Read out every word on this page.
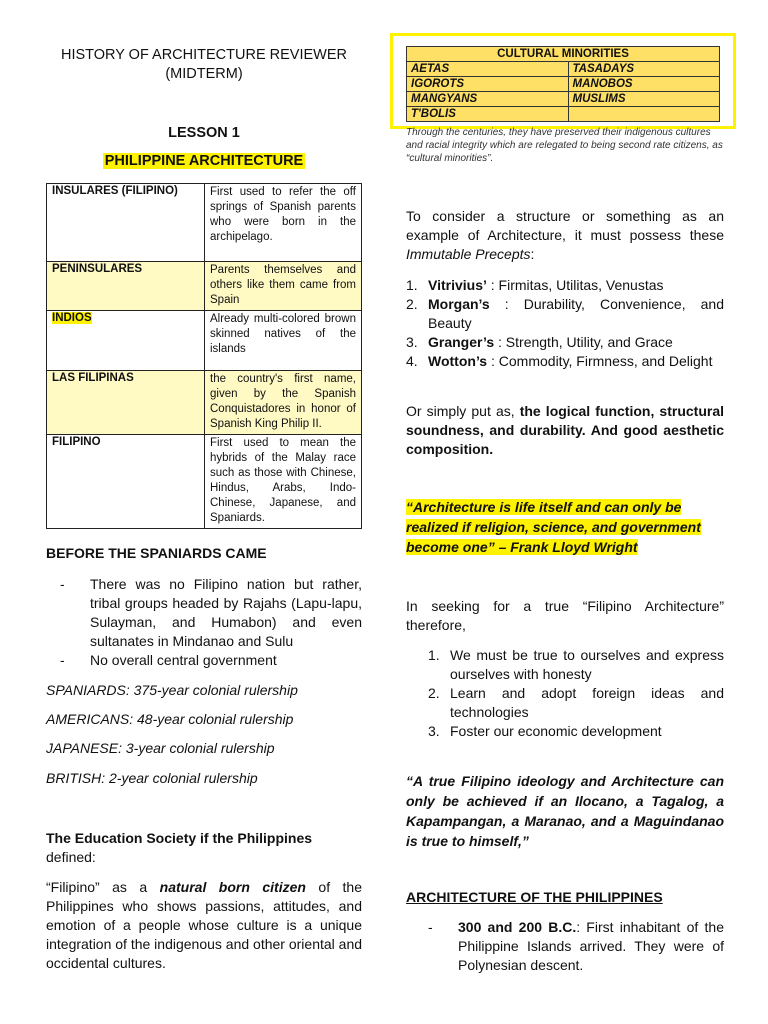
HISTORY OF ARCHITECTURE REVIEWER
(MIDTERM)
LESSON 1
PHILIPPINE ARCHITECTURE
INSULARES (FILIPINO)	First used to refer the off springs of Spanish parents who were born in the archipelago.
PENINSULARES	Parents themselves and others like them came from Spain
INDIOS	Already multi-colored brown skinned natives of the islands
LAS FILIPINAS	the country's first name, given by the Spanish Conquistadores in honor of Spanish King Philip II.
FILIPINO	First used to mean the hybrids of the Malay race such as those with Chinese, Hindus, Arabs, Indo-Chinese, Japanese, and Spaniards.
BEFORE THE SPANIARDS CAME
- There was no Filipino nation but rather, tribal groups headed by Rajahs (Lapu-lapu, Sulayman, and Humabon) and even sultanates in Mindanao and Sulu
- No overall central government
SPANIARDS: 375-year colonial rulership
AMERICANS: 48-year colonial rulership
JAPANESE: 3-year colonial rulership
BRITISH: 2-year colonial rulership
The Education Society if the Philippines
defined:
“Filipino” as a natural born citizen of the Philippines who shows passions, attitudes, and emotion of a people whose culture is a unique integration of the indigenous and other oriental and occidental cultures.
CULTURAL MINORITIES	
AETAS	TASADAYS
IGOROTS	MANOBOS
MANGYANS	MUSLIMS
T'BOLIS	
Through the centuries, they have preserved their indigenous cultures and racial integrity which are relegated to being second rate citizens, as “cultural minorities”.
To consider a structure or something as an example of Architecture, it must possess these Immutable Precepts:
1. Vitrivius’ : Firmitas, Utilitas, Venustas
2. Morgan’s : Durability, Convenience, and Beauty
3. Granger’s : Strength, Utility, and Grace
4. Wotton’s : Commodity, Firmness, and Delight
Or simply put as, the logical function, structural soundness, and durability. And good aesthetic composition.
“Architecture is life itself and can only be
realized if religion, science, and government
become one” – Frank Lloyd Wright
In seeking for a true “Filipino Architecture” therefore,
1. We must be true to ourselves and express ourselves with honesty
2. Learn and adopt foreign ideas and technologies
3. Foster our economic development
“A true Filipino ideology and Architecture can only be achieved if an Ilocano, a Tagalog, a Kapampangan, a Maranao, and a Maguindanao is true to himself,”
ARCHITECTURE OF THE PHILIPPINES
- 300 and 200 B.C.: First inhabitant of the Philippine Islands arrived. They were of Polynesian descent.
